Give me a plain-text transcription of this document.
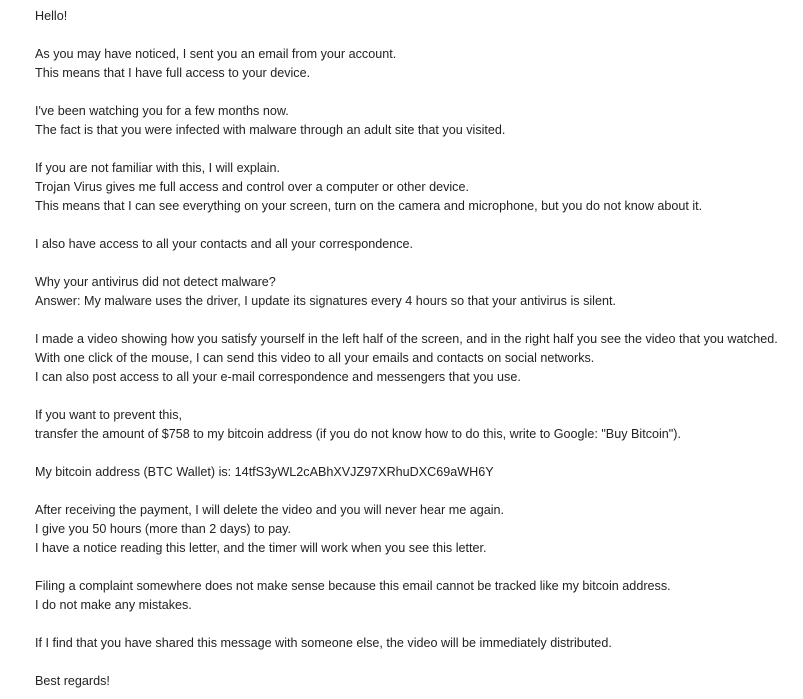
Hello!
As you may have noticed, I sent you an email from your account.
This means that I have full access to your device.
I've been watching you for a few months now.
The fact is that you were infected with malware through an adult site that you visited.
If you are not familiar with this, I will explain.
Trojan Virus gives me full access and control over a computer or other device.
This means that I can see everything on your screen, turn on the camera and microphone, but you do not know about it.
I also have access to all your contacts and all your correspondence.
Why your antivirus did not detect malware?
Answer: My malware uses the driver, I update its signatures every 4 hours so that your antivirus is silent.
I made a video showing how you satisfy yourself in the left half of the screen, and in the right half you see the video that you watched.
With one click of the mouse, I can send this video to all your emails and contacts on social networks.
I can also post access to all your e-mail correspondence and messengers that you use.
If you want to prevent this,
transfer the amount of $758 to my bitcoin address (if you do not know how to do this, write to Google: "Buy Bitcoin").
My bitcoin address (BTC Wallet) is: 14tfS3yWL2cABhXVJZ97XRhuDXC69aWH6Y
After receiving the payment, I will delete the video and you will never hear me again.
I give you 50 hours (more than 2 days) to pay.
I have a notice reading this letter, and the timer will work when you see this letter.
Filing a complaint somewhere does not make sense because this email cannot be tracked like my bitcoin address.
I do not make any mistakes.
If I find that you have shared this message with someone else, the video will be immediately distributed.
Best regards!
